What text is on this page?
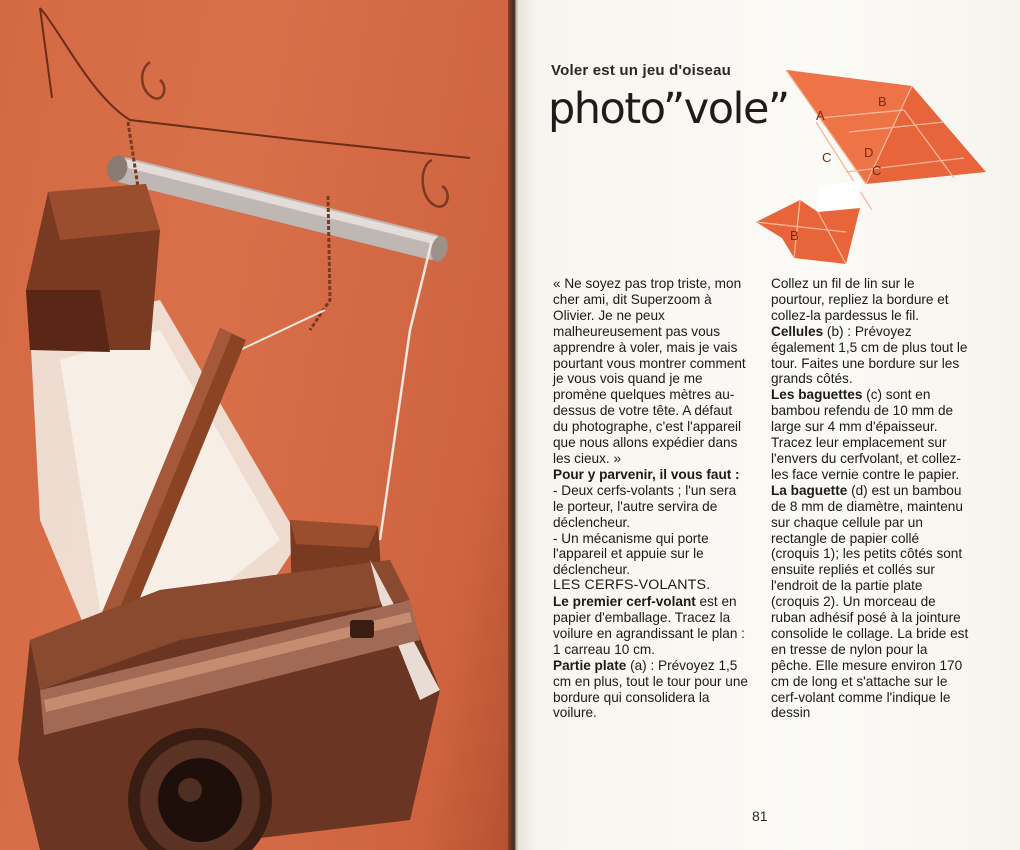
Voler est un jeu d'oiseau
photo”vole” A
B
C	D
C
B

« Ne soyez pas trop triste, mon cher ami, dit Superzoom à Olivier. Je ne peux malheureusement pas vous apprendre à voler, mais je vais pourtant vous montrer comment je vous vois quand je me promène quelques mètres au-dessus de votre tête. A défaut du photographe, c'est l'appareil que nous allons expédier dans les cieux. »

Pour y parvenir, il vous faut :

- Deux cerfs-volants ; l'un sera le porteur, l'autre servira de déclencheur.

- Un mécanisme qui porte l'appareil et appuie sur le déclencheur.

LES CERFS-VOLANTS.

Le premier cerf-volant est en papier d'emballage. Tracez la voilure en agrandissant le plan :

1 carreau 10 cm.

Partie plate (a) : Prévoyez 1,5 cm en plus, tout le tour pour une bordure qui consolidera la voilure.

Collez un fil de lin sur le pourtour, repliez la bordure et collez-la pardessus le fil.

Cellules (b) : Prévoyez également 1,5 cm de plus tout le tour. Faites une bordure sur les grands côtés.

Les baguettes (c) sont en bambou refendu de 10 mm de large sur 4 mm d'épaisseur. Tracez leur emplacement sur l'envers du cerfvolant, et collez-les face vernie contre le papier.

La baguette (d) est un bambou de 8 mm de diamètre, maintenu sur chaque cellule par un rectangle de papier collé (croquis 1); les petits côtés sont ensuite repliés et collés sur l'endroit de la partie plate (croquis 2). Un morceau de ruban adhésif posé à la jointure consolide le collage. La bride est en tresse de nylon pour la pêche. Elle mesure environ 170 cm de long et s'attache sur le cerf-volant comme l'indique le dessin

81
